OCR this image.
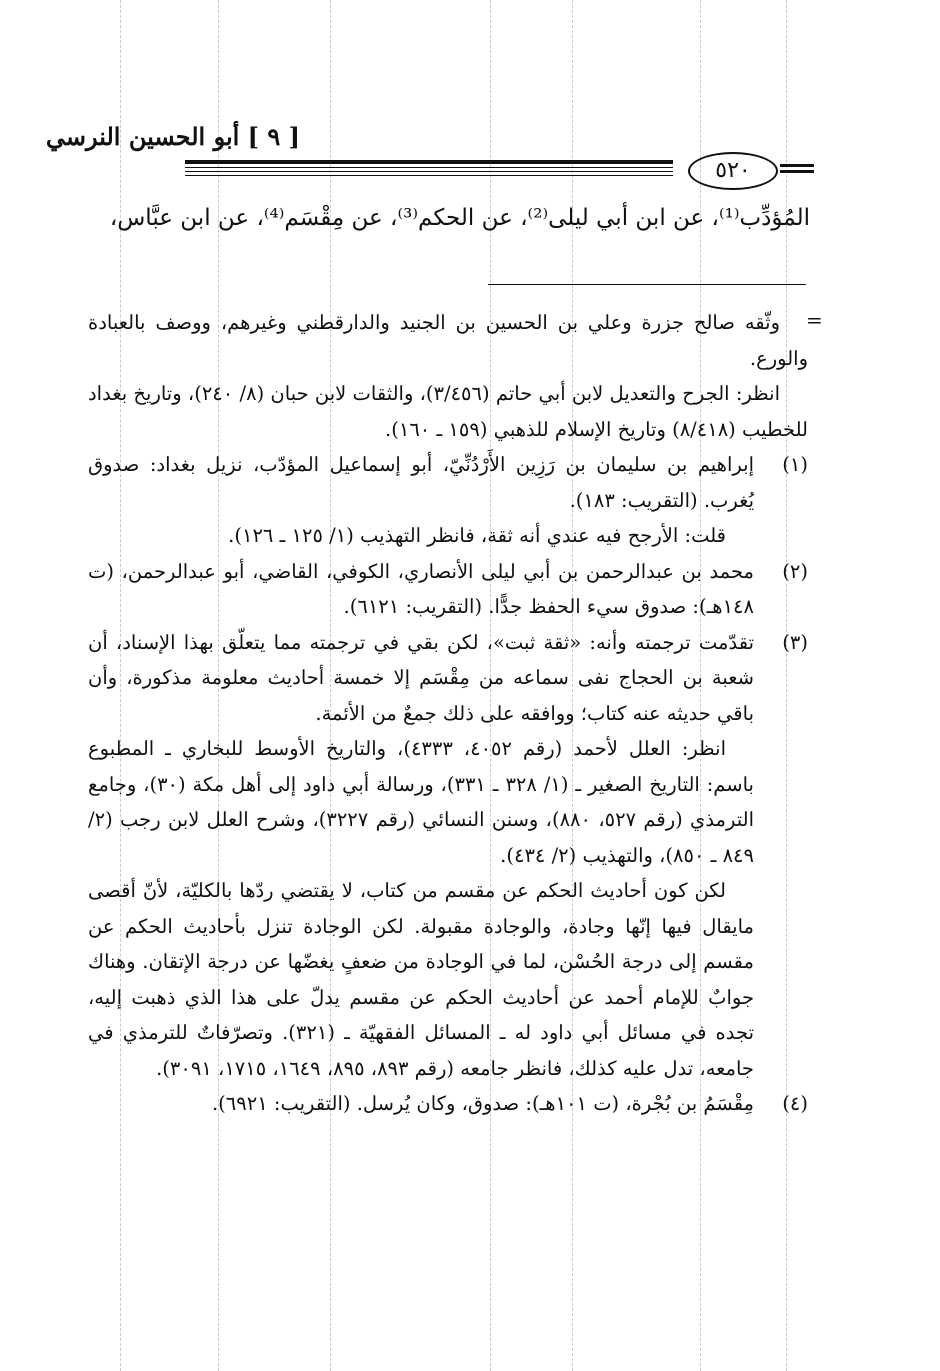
[ ٩ ] أبو الحسين النرسي
٥٢٠
المُؤدِّب⁽¹⁾، عن ابن أبي ليلى⁽²⁾، عن الحكم⁽³⁾، عن مِقْسَم⁽⁴⁾، عن ابن عبَّاس،
=

وثّقه صالح جزرة وعلي بن الحسين بن الجنيد والدارقطني وغيرهم، ووصف بالعبادة والورع.

انظر: الجرح والتعديل لابن أبي حاتم (٣/٤٥٦)، والثقات لابن حبان (٨/ ٢٤٠)، وتاريخ بغداد للخطيب (٨/٤١٨) وتاريخ الإسلام للذهبي (١٥٩ ـ ١٦٠).

(١)
إبراهيم بن سليمان بن رَزِين الأَرْدُنِّيّ، أبو إسماعيل المؤدّب، نزيل بغداد: صدوق يُغرب. (التقريب: ١٨٣).

قلت: الأرجح فيه عندي أنه ثقة، فانظر التهذيب (١/ ١٢٥ ـ ١٢٦).

(٢)
محمد بن عبدالرحمن بن أبي ليلى الأنصاري، الكوفي، القاضي، أبو عبدالرحمن، (ت ١٤٨هـ): صدوق سيء الحفظ جدًّا. (التقريب: ٦١٢١).
(٣)
تقدّمت ترجمته وأنه: «ثقة ثبت»، لكن بقي في ترجمته مما يتعلّق بهذا الإسناد، أن شعبة بن الحجاج نفى سماعه من مِقْسَم إلا خمسة أحاديث معلومة مذكورة، وأن باقي حديثه عنه كتاب؛ ووافقه على ذلك جمعٌ من الأئمة.

انظر: العلل لأحمد (رقم ٤٠٥٢، ٤٣٣٣)، والتاريخ الأوسط للبخاري ـ المطبوع باسم: التاريخ الصغير ـ (١/ ٣٢٨ ـ ٣٣١)، ورسالة أبي داود إلى أهل مكة (٣٠)، وجامع الترمذي (رقم ٥٢٧، ٨٨٠)، وسنن النسائي (رقم ٣٢٢٧)، وشرح العلل لابن رجب (٢/ ٨٤٩ ـ ٨٥٠)، والتهذيب (٢/ ٤٣٤).

لكن كون أحاديث الحكم عن مقسم من كتاب، لا يقتضي ردّها بالكليّة، لأنّ أقصى مايقال فيها إنّها وجادة، والوجادة مقبولة. لكن الوجادة تنزل بأحاديث الحكم عن مقسم إلى درجة الحُسْن، لما في الوجادة من ضعفٍ يغضّها عن درجة الإتقان. وهناك جوابٌ للإمام أحمد عن أحاديث الحكم عن مقسم يدلّ على هذا الذي ذهبت إليه، تجده في مسائل أبي داود له ـ المسائل الفقهيّة ـ (٣٢١). وتصرّفاتٌ للترمذي في جامعه، تدل عليه كذلك، فانظر جامعه (رقم ٨٩٣، ٨٩٥، ١٦٤٩، ١٧١٥، ٣٠٩١).

(٤)
مِقْسَمُ بن بُجْرة، (ت ١٠١هـ): صدوق، وكان يُرسل. (التقريب: ٦٩٢١).
